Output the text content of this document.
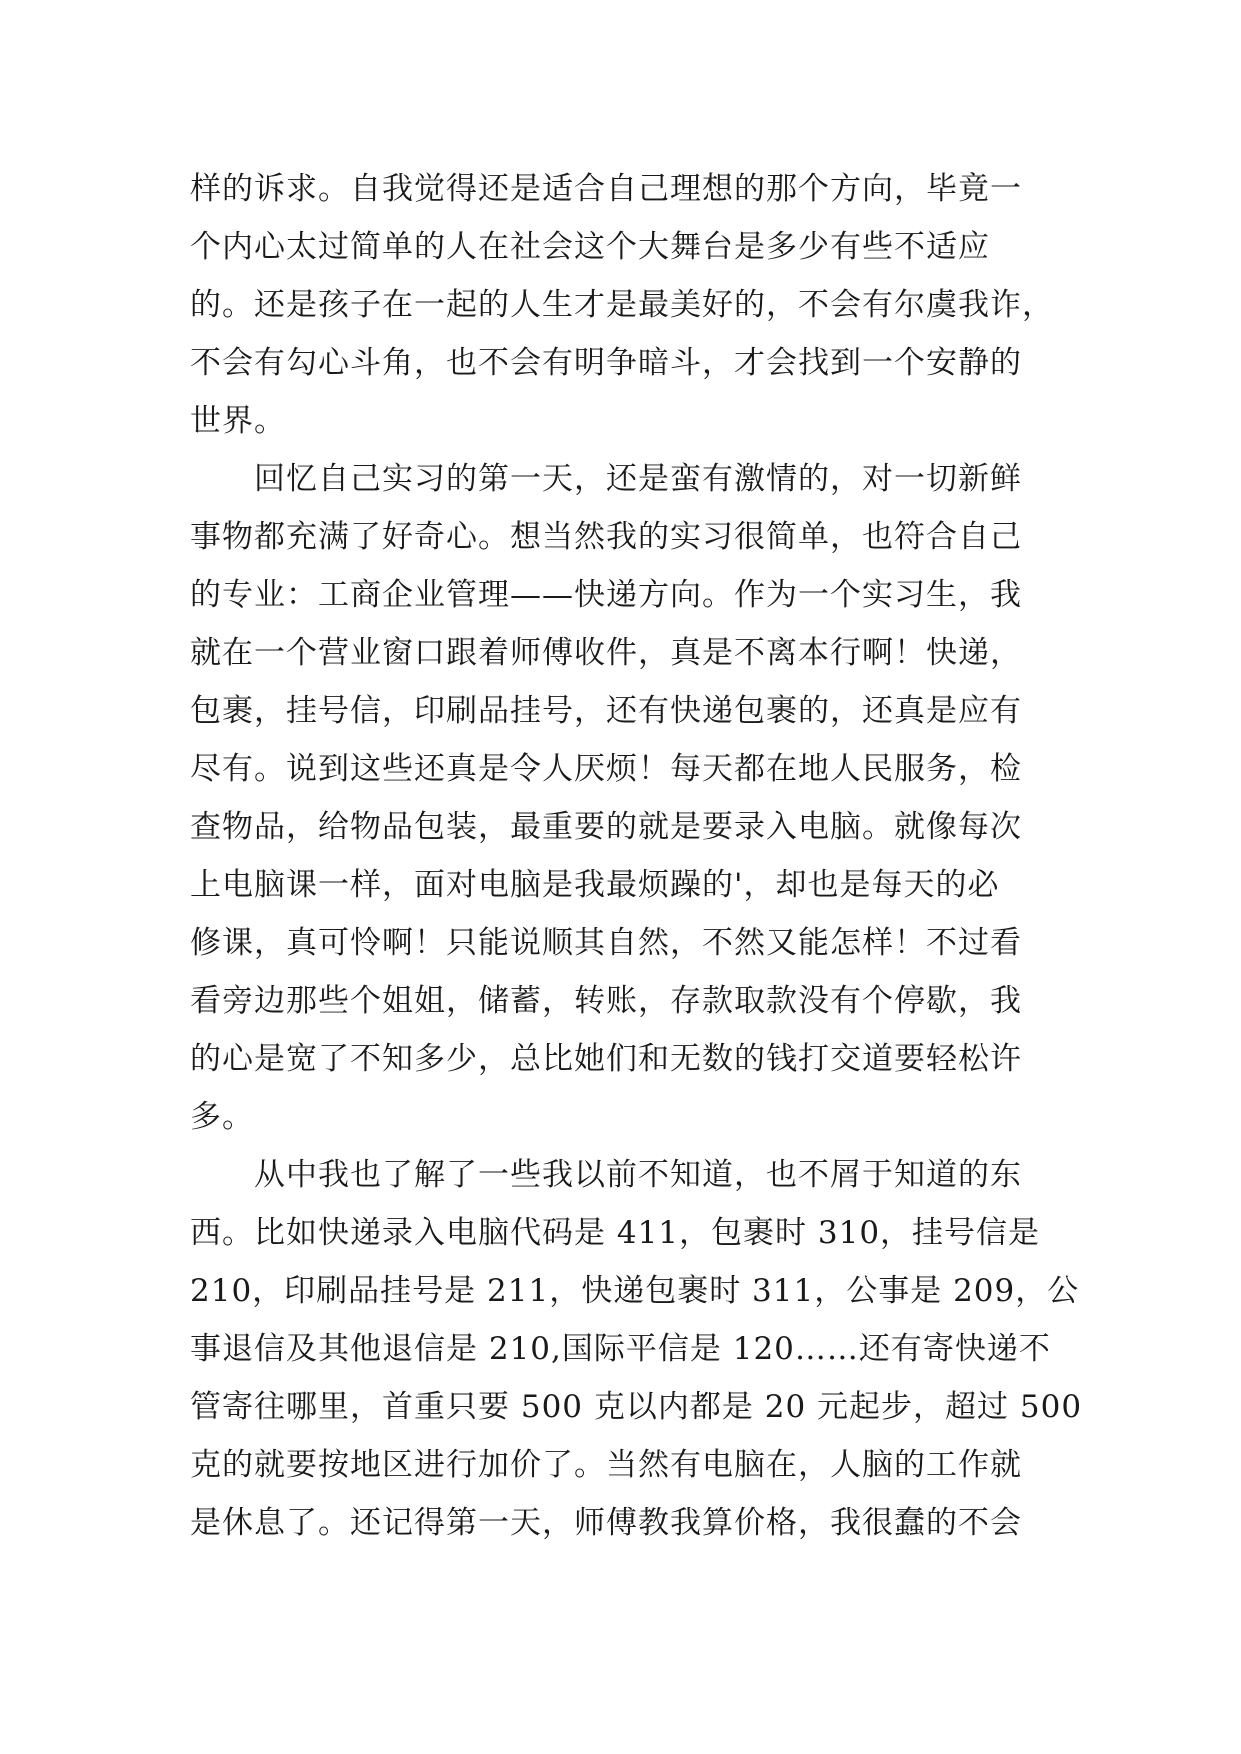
样的诉求。自我觉得还是适合自己理想的那个方向，毕竟一
个内心太过简单的人在社会这个大舞台是多少有些不适应
的。还是孩子在一起的人生才是最美好的，不会有尔虞我诈，
不会有勾心斗角，也不会有明争暗斗，才会找到一个安静的
世界。
　　回忆自己实习的第一天，还是蛮有激情的，对一切新鲜
事物都充满了好奇心。想当然我的实习很简单，也符合自己
的专业：工商企业管理——快递方向。作为一个实习生，我
就在一个营业窗口跟着师傅收件，真是不离本行啊！快递，
包裹，挂号信，印刷品挂号，还有快递包裹的，还真是应有
尽有。说到这些还真是令人厌烦！每天都在地人民服务，检
查物品，给物品包装，最重要的就是要录入电脑。就像每次
上电脑课一样，面对电脑是我最烦躁的'，却也是每天的必
修课，真可怜啊！只能说顺其自然，不然又能怎样！不过看
看旁边那些个姐姐，储蓄，转账，存款取款没有个停歇，我
的心是宽了不知多少，总比她们和无数的钱打交道要轻松许
多。
　　从中我也了解了一些我以前不知道，也不屑于知道的东
西。比如快递录入电脑代码是 411，包裹时 310，挂号信是
210，印刷品挂号是 211，快递包裹时 311，公事是 209，公
事退信及其他退信是 210,国际平信是 120……还有寄快递不
管寄往哪里，首重只要 500 克以内都是 20 元起步，超过 500
克的就要按地区进行加价了。当然有电脑在，人脑的工作就
是休息了。还记得第一天，师傅教我算价格，我很蠢的不会
